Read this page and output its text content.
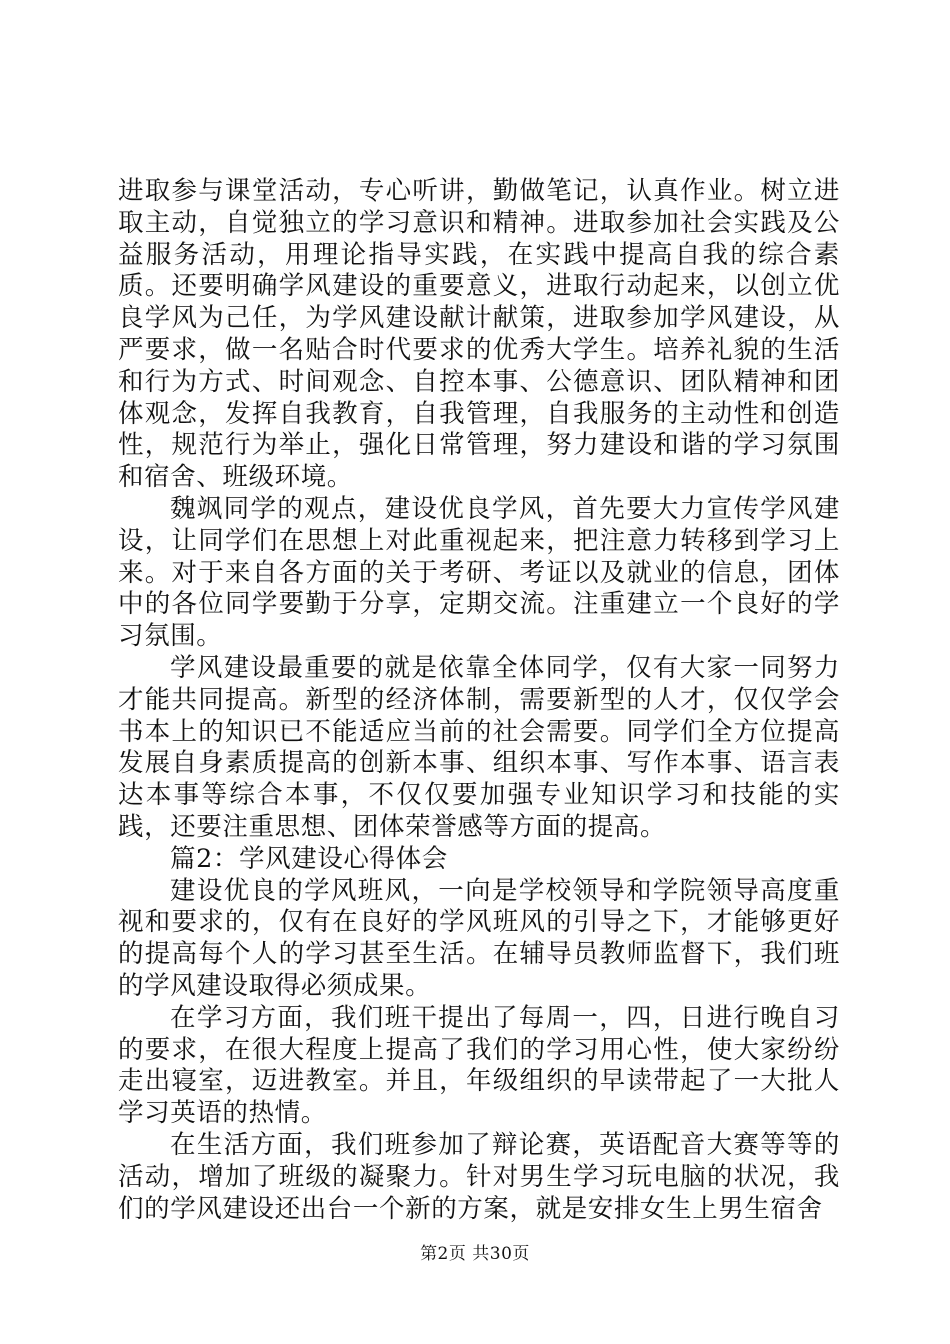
进取参与课堂活动，专心听讲，勤做笔记，认真作业。树立进取主动，自觉独立的学习意识和精神。进取参加社会实践及公益服务活动，用理论指导实践，在实践中提高自我的综合素质。还要明确学风建设的重要意义，进取行动起来，以创立优良学风为己任，为学风建设献计献策，进取参加学风建设，从严要求，做一名贴合时代要求的优秀大学生。培养礼貌的生活和行为方式、时间观念、自控本事、公德意识、团队精神和团体观念，发挥自我教育，自我管理，自我服务的主动性和创造性，规范行为举止，强化日常管理，努力建设和谐的学习氛围和宿舍、班级环境。

魏飒同学的观点，建设优良学风，首先要大力宣传学风建设，让同学们在思想上对此重视起来，把注意力转移到学习上来。对于来自各方面的关于考研、考证以及就业的信息，团体中的各位同学要勤于分享，定期交流。注重建立一个良好的学习氛围。

学风建设最重要的就是依靠全体同学，仅有大家一同努力才能共同提高。新型的经济体制，需要新型的人才，仅仅学会书本上的知识已不能适应当前的社会需要。同学们全方位提高发展自身素质提高的创新本事、组织本事、写作本事、语言表达本事等综合本事，不仅仅要加强专业知识学习和技能的实践，还要注重思想、团体荣誉感等方面的提高。

篇2：学风建设心得体会

建设优良的学风班风，一向是学校领导和学院领导高度重视和要求的，仅有在良好的学风班风的引导之下，才能够更好的提高每个人的学习甚至生活。在辅导员教师监督下，我们班的学风建设取得必须成果。

在学习方面，我们班干提出了每周一，四，日进行晚自习的要求，在很大程度上提高了我们的学习用心性，使大家纷纷走出寝室，迈进教室。并且，年级组织的早读带起了一大批人学习英语的热情。

在生活方面，我们班参加了辩论赛，英语配音大赛等等的活动，增加了班级的凝聚力。针对男生学习玩电脑的状况，我们的学风建设还出台一个新的方案，就是安排女生上男生宿舍

第2页 共30页
